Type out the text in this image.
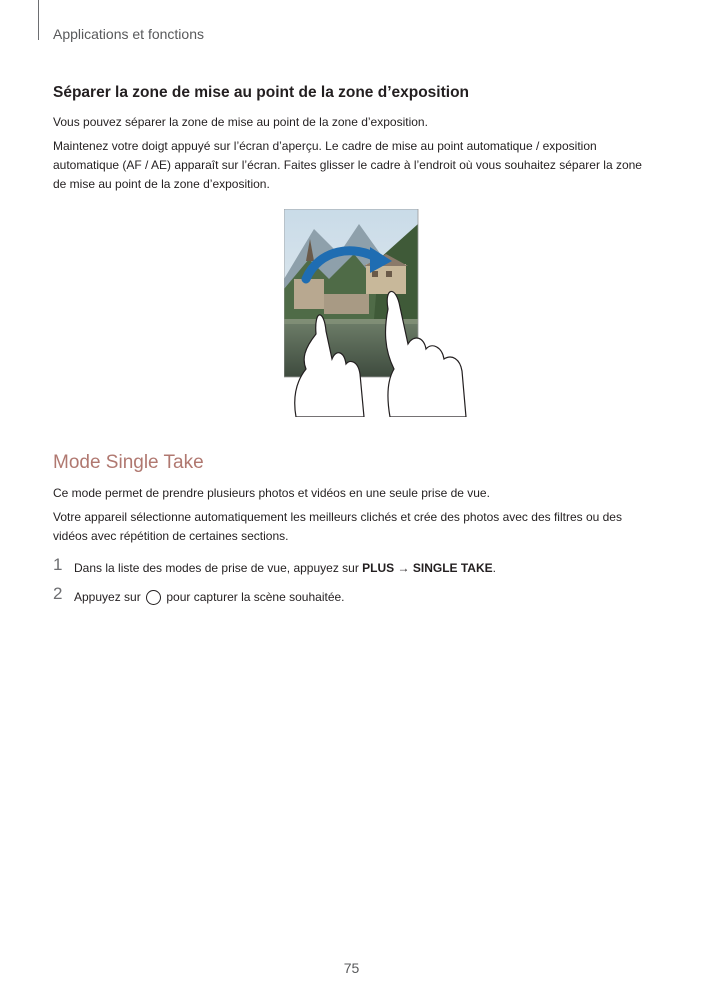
Applications et fonctions
Séparer la zone de mise au point de la zone d’exposition
Vous pouvez séparer la zone de mise au point de la zone d’exposition.
Maintenez votre doigt appuyé sur l’écran d’aperçu. Le cadre de mise au point automatique / exposition automatique (AF / AE) apparaît sur l’écran. Faites glisser le cadre à l’endroit où vous souhaitez séparer la zone de mise au point de la zone d’exposition.
Mode Single Take
Ce mode permet de prendre plusieurs photos et vidéos en une seule prise de vue.
Votre appareil sélectionne automatiquement les meilleurs clichés et crée des photos avec des filtres ou des vidéos avec répétition de certaines sections.
1 Dans la liste des modes de prise de vue, appuyez sur PLUS → SINGLE TAKE.
2 Appuyez sur  pour capturer la scène souhaitée.
75
